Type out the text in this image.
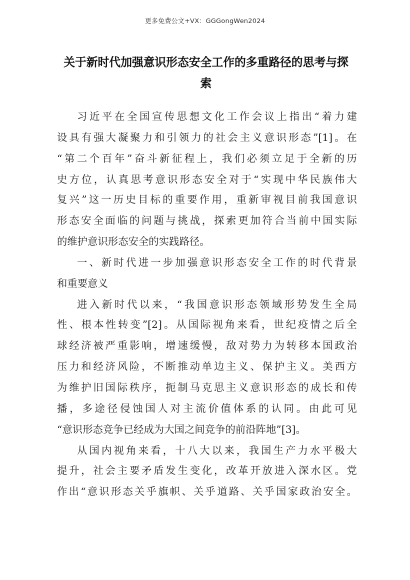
更多免费公文+VX：GGGongWen2024
关于新时代加强意识形态安全工作的多重路径的思考与探
索
习近平在全国宣传思想文化工作会议上指出“着力建
设具有强大凝聚力和引领力的社会主义意识形态”[1]。在
“第二个百年”奋斗新征程上，我们必须立足于全新的历
史方位，认真思考意识形态安全对于“实现中华民族伟大
复兴”这一历史目标的重要作用，重新审视目前我国意识
形态安全面临的问题与挑战，探索更加符合当前中国实际
的维护意识形态安全的实践路径。
一、新时代进一步加强意识形态安全工作的时代背景
和重要意义
进入新时代以来，“我国意识形态领域形势发生全局
性、根本性转变”[2]。从国际视角来看，世纪疫情之后全
球经济被严重影响，增速缓慢，敌对势力为转移本国政治
压力和经济风险，不断推动单边主义、保护主义。美西方
为维护旧国际秩序，扼制马克思主义意识形态的成长和传
播，多途径侵蚀国人对主流价值体系的认同。由此可见
“意识形态竞争已经成为大国之间竞争的前沿阵地”[3]。
从国内视角来看，十八大以来，我国生产力水平极大
提升，社会主要矛盾发生变化，改革开放进入深水区。党
作出“意识形态关乎旗帜、关乎道路、关乎国家政治安全。
